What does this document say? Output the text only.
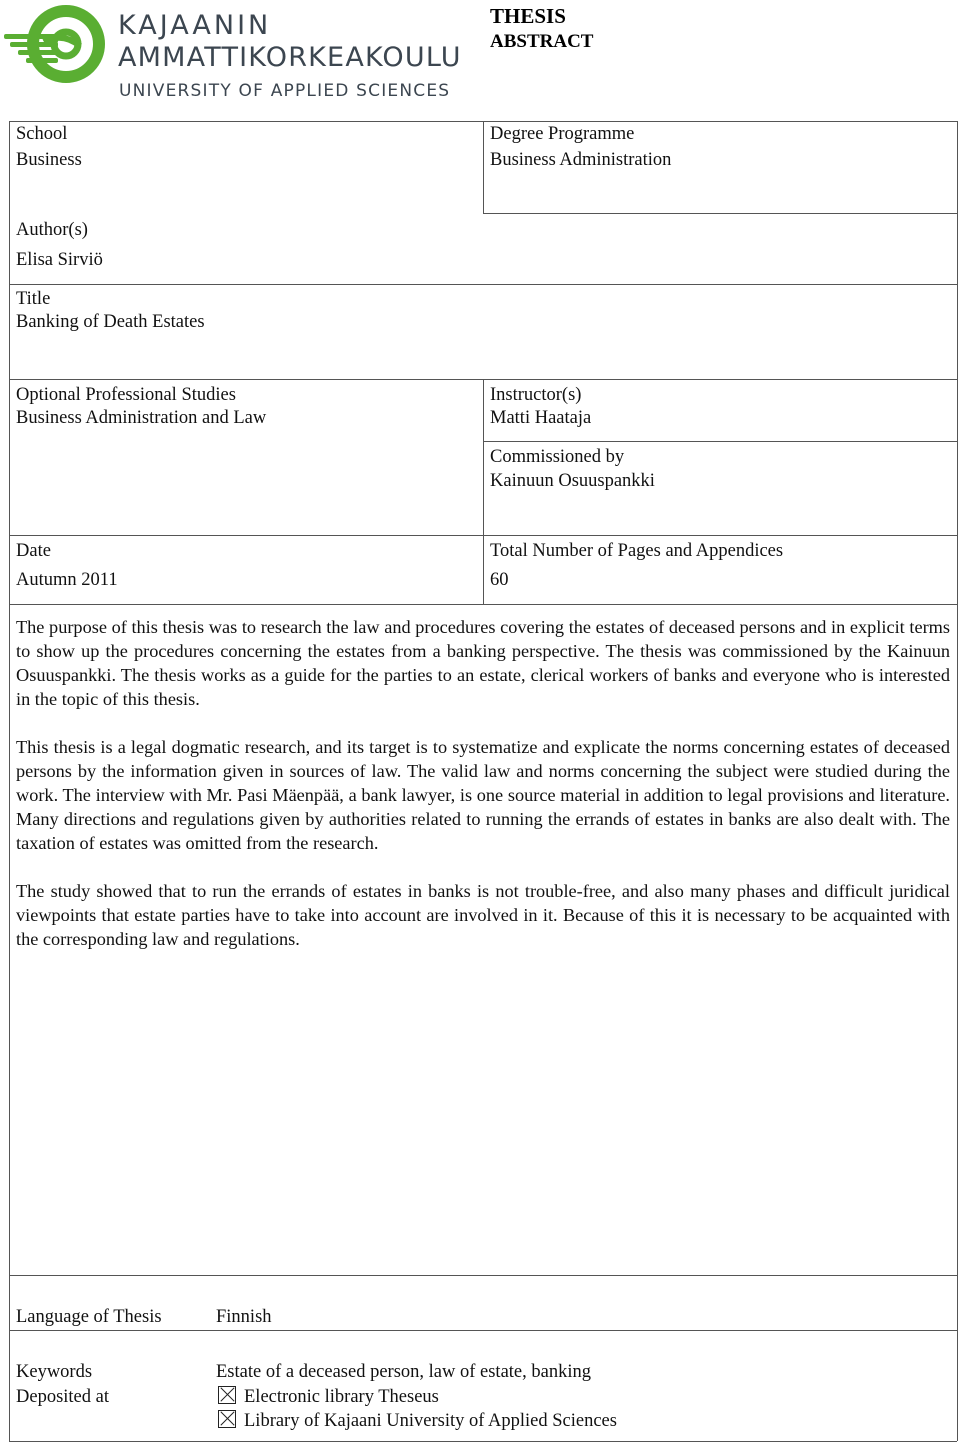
KAJAANIN
AMMATTIKORKEAKOULU
UNIVERSITY OF APPLIED SCIENCES
THESIS
ABSTRACT
School
Business
Degree Programme
Business Administration
Author(s)
Elisa Sirviö
Title
Banking of Death Estates
Optional Professional Studies
Business Administration and Law
Instructor(s)
Matti Haataja
Commissioned by
Kainuun Osuuspankki
Date
Autumn 2011
Total Number of Pages and Appendices
60

The purpose of this thesis was to research the law and procedures covering the estates of deceased persons and in explicit terms to show up the procedures concerning the estates from a banking perspective. The thesis was commissioned by the Kainuun Osuuspankki. The thesis works as a guide for the parties to an estate, clerical workers of banks and everyone who is interested in the topic of this thesis.

This thesis is a legal dogmatic research, and its target is to systematize and explicate the norms concerning estates of deceased persons by the information given in sources of law. The valid law and norms concerning the subject were studied during the work. The interview with Mr. Pasi Mäenpää, a bank lawyer, is one source material in addition to legal provisions and literature. Many directions and regulations given by authorities related to running the errands of estates in banks are also dealt with. The taxation of estates was omitted from the research.

The study showed that to run the errands of estates in banks is not trouble-free, and also many phases and difficult juridical viewpoints that estate parties have to take into account are involved in it. Because of this it is necessary to be acquainted with the corresponding law and regulations.

Language of Thesis	Finnish
Keywords	Estate of a deceased person, law of estate, banking
Deposited at	Electronic library Theseus
Library of Kajaani University of Applied Sciences
